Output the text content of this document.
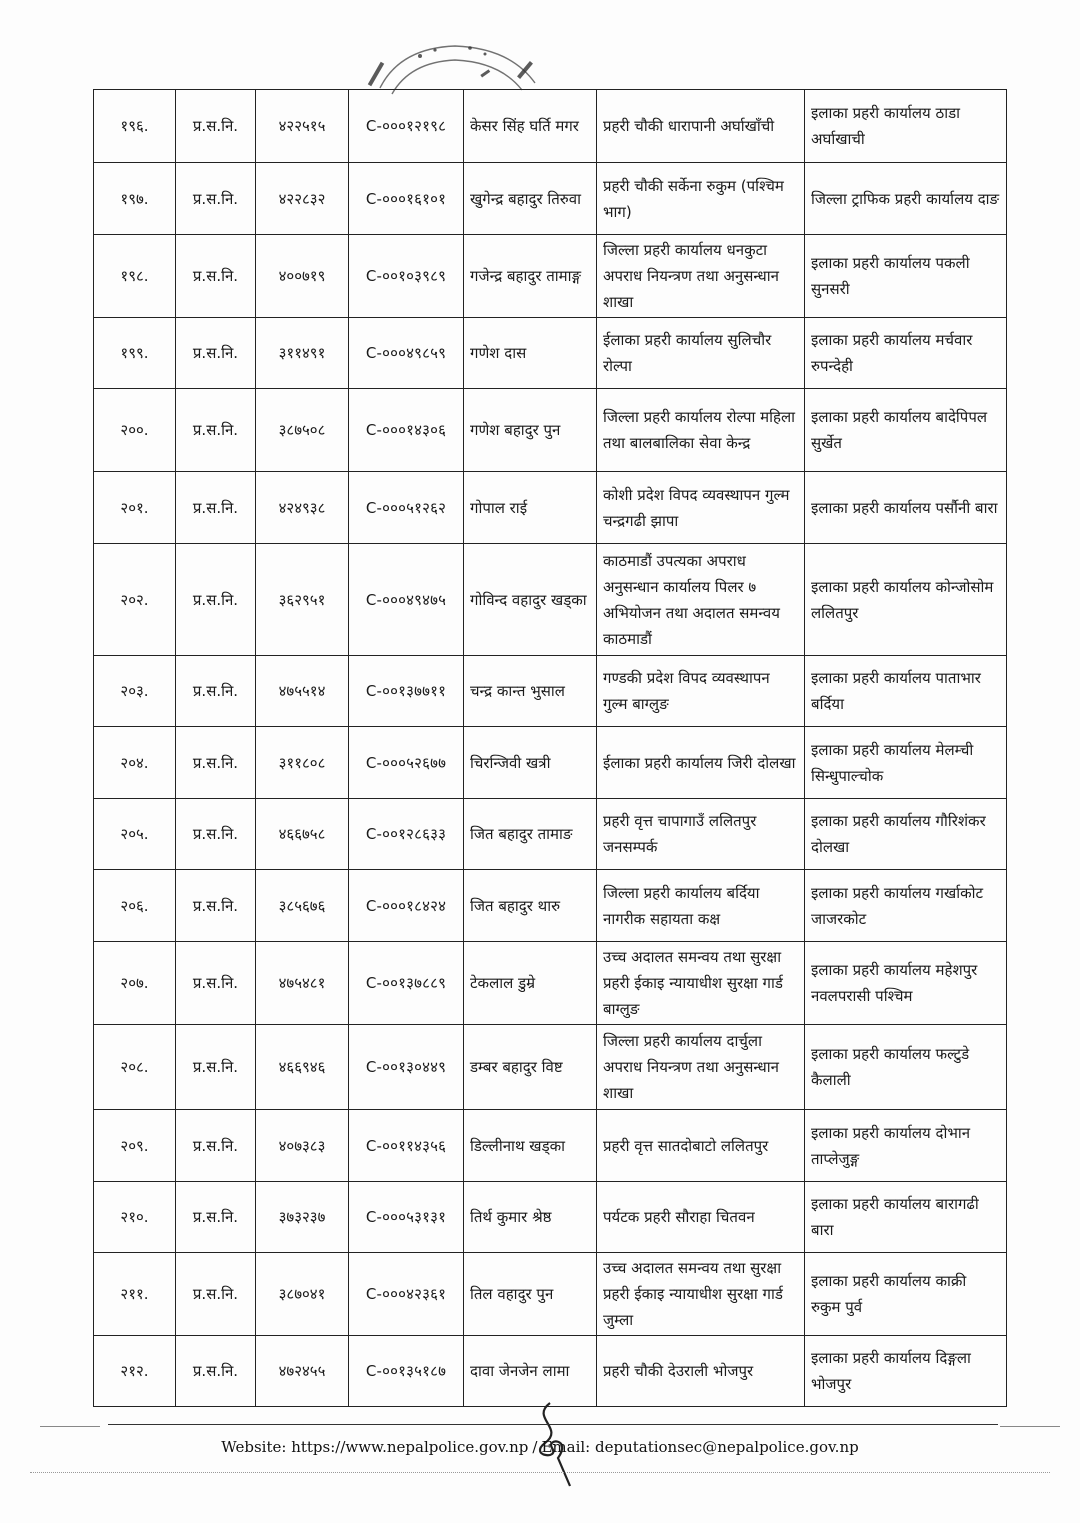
१९६.	प्र.स.नि.	४२२५१५	C-०००१२१९८	केसर सिंह घर्ति मगर	प्रहरी चौकी धारापानी अर्घाखाँची	इलाका प्रहरी कार्यालय ठाडा अर्घाखाची
१९७.	प्र.स.नि.	४२२८३२	C-०००१६१०१	खुगेन्द्र बहादुर तिरुवा	प्रहरी चौकी सर्केना रुकुम (पश्चिम भाग)	जिल्ला ट्राफिक प्रहरी कार्यालय दाङ
१९८.	प्र.स.नि.	४००७१९	C-००१०३९८९	गजेन्द्र बहादुर तामाङ्ग	जिल्ला प्रहरी कार्यालय धनकुटा अपराध नियन्त्रण तथा अनुसन्धान शाखा	इलाका प्रहरी कार्यालय पकली सुनसरी
१९९.	प्र.स.नि.	३११४९१	C-०००४९८५९	गणेश दास	ईलाका प्रहरी कार्यालय सुलिचौर रोल्पा	इलाका प्रहरी कार्यालय मर्चवार रुपन्देही
२००.	प्र.स.नि.	३८७५०८	C-०००१४३०६	गणेश बहादुर पुन	जिल्ला प्रहरी कार्यालय रोल्पा महिला तथा बालबालिका सेवा केन्द्र	इलाका प्रहरी कार्यालय बादेपिपल सुर्खेत
२०१.	प्र.स.नि.	४२४९३८	C-०००५१२६२	गोपाल राई	कोशी प्रदेश विपद व्यवस्थापन गुल्म चन्द्रगढी झापा	इलाका प्रहरी कार्यालय पर्सौनी बारा
२०२.	प्र.स.नि.	३६२९५१	C-०००४९४७५	गोविन्द वहादुर खड्का	काठमाडौं उपत्यका अपराध अनुसन्धान कार्यालय पिलर ७ अभियोजन तथा अदालत समन्वय काठमाडौं	इलाका प्रहरी कार्यालय कोन्जोसोम ललितपुर
२०३.	प्र.स.नि.	४७५५१४	C-००१३७७११	चन्द्र कान्त भुसाल	गण्डकी प्रदेश विपद व्यवस्थापन गुल्म बाग्लुङ	इलाका प्रहरी कार्यालय पाताभार बर्दिया
२०४.	प्र.स.नि.	३११८०८	C-०००५२६७७	चिरन्जिवी खत्री	ईलाका प्रहरी कार्यालय जिरी दोलखा	इलाका प्रहरी कार्यालय मेलम्ची सिन्धुपाल्चोक
२०५.	प्र.स.नि.	४६६७५८	C-००१२८६३३	जित बहादुर तामाङ	प्रहरी वृत्त चापागाउँ ललितपुर जनसम्पर्क	इलाका प्रहरी कार्यालय गौरिशंकर दोलखा
२०६.	प्र.स.नि.	३८५६७६	C-०००१८४२४	जित बहादुर थारु	जिल्ला प्रहरी कार्यालय बर्दिया नागरीक सहायता कक्ष	इलाका प्रहरी कार्यालय गर्खाकोट जाजरकोट
२०७.	प्र.स.नि.	४७५४८१	C-००१३७८८९	टेकलाल डुम्रे	उच्च अदालत समन्वय तथा सुरक्षा प्रहरी ईकाइ न्यायाधीश सुरक्षा गार्ड बाग्लुङ	इलाका प्रहरी कार्यालय महेशपुर नवलपरासी पश्चिम
२०८.	प्र.स.नि.	४६६९४६	C-००१३०४४९	डम्बर बहादुर विष्ट	जिल्ला प्रहरी कार्यालय दार्चुला अपराध नियन्त्रण तथा अनुसन्धान शाखा	इलाका प्रहरी कार्यालय फल्टुडे कैलाली
२०९.	प्र.स.नि.	४०७३८३	C-००११४३५६	डिल्लीनाथ खड्का	प्रहरी वृत्त सातदोबाटो ललितपुर	इलाका प्रहरी कार्यालय दोभान ताप्लेजुङ्ग
२१०.	प्र.स.नि.	३७३२३७	C-०००५३१३१	तिर्थ कुमार श्रेष्ठ	पर्यटक प्रहरी सौराहा चितवन	इलाका प्रहरी कार्यालय बारागढी बारा
२११.	प्र.स.नि.	३८७०४१	C-०००४२३६१	तिल वहादुर पुन	उच्च अदालत समन्वय तथा सुरक्षा प्रहरी ईकाइ न्यायाधीश सुरक्षा गार्ड जुम्ला	इलाका प्रहरी कार्यालय काक्री रुकुम पुर्व
२१२.	प्र.स.नि.	४७२४५५	C-००१३५१८७	दावा जेनजेन लामा	प्रहरी चौकी देउराली भोजपुर	इलाका प्रहरी कार्यालय दिङ्गला भोजपुर
Website: https://www.nepalpolice.gov.np / Email: deputationsec@nepalpolice.gov.np
